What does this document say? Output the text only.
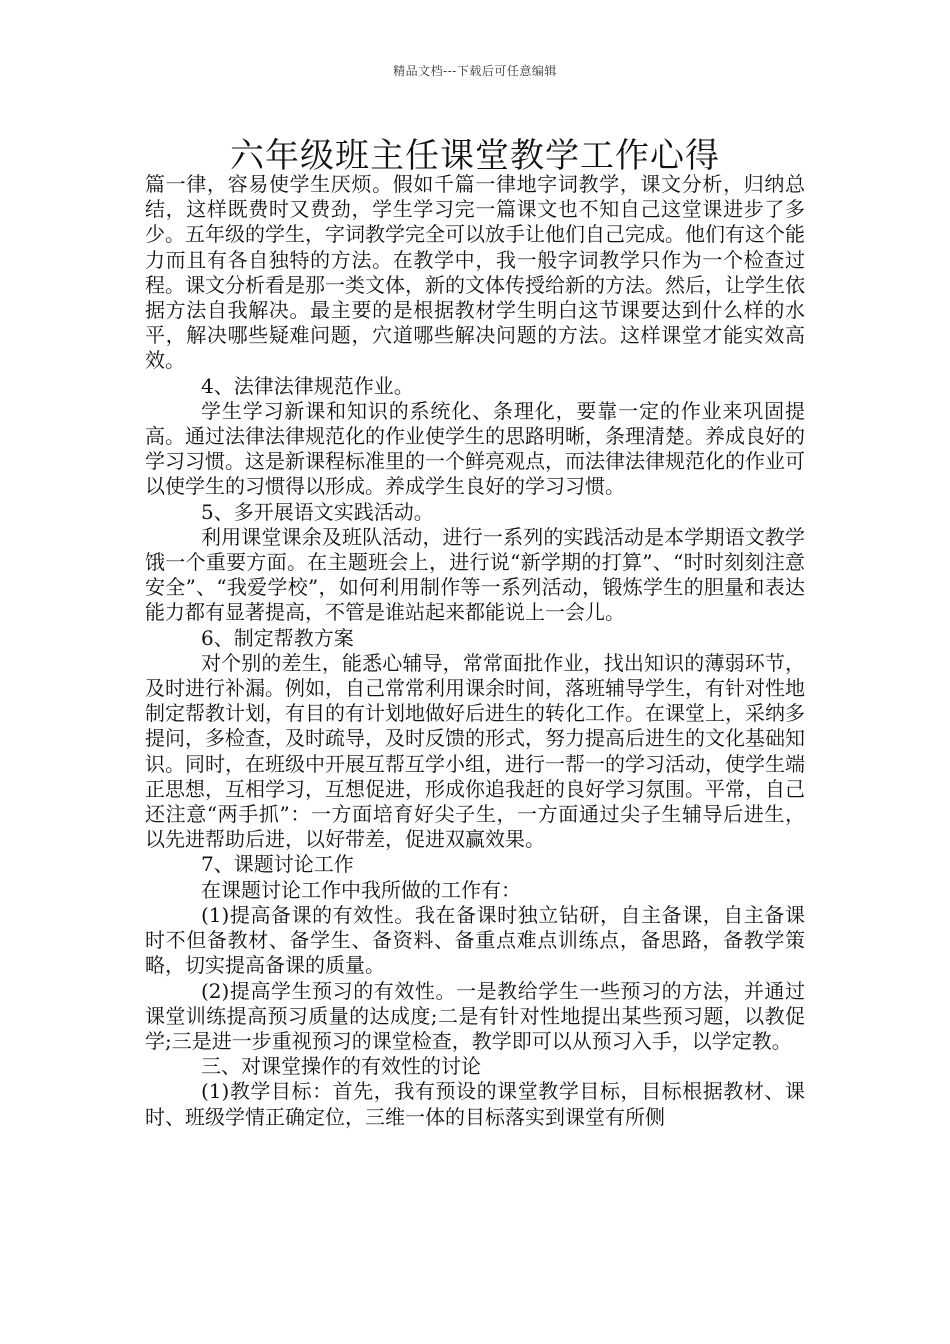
精品文档---下载后可任意编辑
六年级班主任课堂教学工作心得

篇一律，容易使学生厌烦。假如千篇一律地字词教学，课文分析，归纳总结，这样既费时又费劲，学生学习完一篇课文也不知自己这堂课进步了多少。五年级的学生，字词教学完全可以放手让他们自己完成。他们有这个能力而且有各自独特的方法。在教学中，我一般字词教学只作为一个检查过程。课文分析看是那一类文体，新的文体传授给新的方法。然后，让学生依据方法自我解决。最主要的是根据教材学生明白这节课要达到什么样的水平，解决哪些疑难问题，穴道哪些解决问题的方法。这样课堂才能实效高效。

4、法律法律规范作业。

学生学习新课和知识的系统化、条理化，要靠一定的作业来巩固提高。通过法律法律规范化的作业使学生的思路明晰，条理清楚。养成良好的学习习惯。这是新课程标准里的一个鲜亮观点，而法律法律规范化的作业可以使学生的习惯得以形成。养成学生良好的学习习惯。

5、多开展语文实践活动。

利用课堂课余及班队活动，进行一系列的实践活动是本学期语文教学饿一个重要方面。在主题班会上，进行说“新学期的打算”、“时时刻刻注意安全”、“我爱学校”，如何利用制作等一系列活动，锻炼学生的胆量和表达能力都有显著提高，不管是谁站起来都能说上一会儿。

6、制定帮教方案

对个别的差生，能悉心辅导，常常面批作业，找出知识的薄弱环节，及时进行补漏。例如，自己常常利用课余时间，落班辅导学生，有针对性地制定帮教计划，有目的有计划地做好后进生的转化工作。在课堂上，采纳多提问，多检查，及时疏导，及时反馈的形式，努力提高后进生的文化基础知识。同时，在班级中开展互帮互学小组，进行一帮一的学习活动，使学生端正思想，互相学习，互想促进，形成你追我赶的良好学习氛围。平常，自己还注意“两手抓”：一方面培育好尖子生，一方面通过尖子生辅导后进生，以先进帮助后进，以好带差，促进双赢效果。

7、课题讨论工作

在课题讨论工作中我所做的工作有：

(1)提高备课的有效性。我在备课时独立钻研，自主备课，自主备课时不但备教材、备学生、备资料、备重点难点训练点，备思路，备教学策略，切实提高备课的质量。

(2)提高学生预习的有效性。一是教给学生一些预习的方法，并通过课堂训练提高预习质量的达成度;二是有针对性地提出某些预习题，以教促学;三是进一步重视预习的课堂检查，教学即可以从预习入手，以学定教。

三、对课堂操作的有效性的讨论

(1)教学目标：首先，我有预设的课堂教学目标，目标根据教材、课时、班级学情正确定位，三维一体的目标落实到课堂有所侧
